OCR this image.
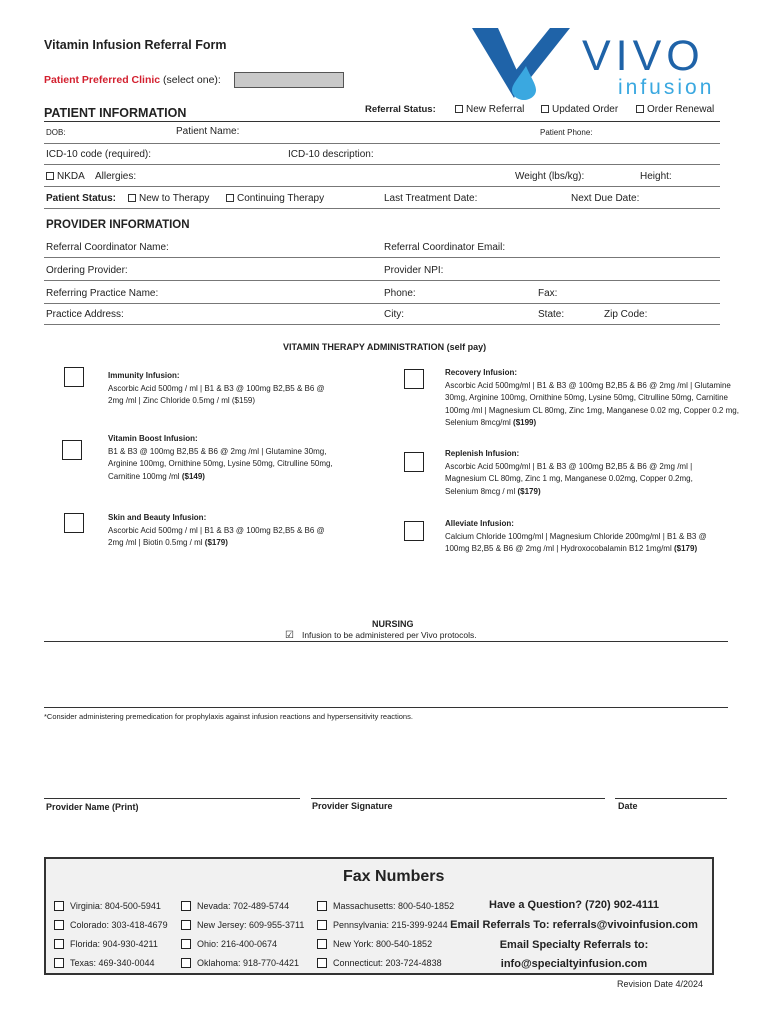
Vitamin Infusion Referral Form
Patient Preferred Clinic (select one):	VIVO
infusion
PATIENT INFORMATION	Referral Status:	New Referral	Updated Order	Order Renewal
DOB:	Patient Name:	Patient Phone:
ICD-10 code (required):	ICD-10 description:
NKDA Allergies:	Weight (lbs/kg):	Height:
Patient Status:	New to Therapy	Continuing Therapy	Last Treatment Date:	Next Due Date:
PROVIDER INFORMATION
Referral Coordinator Name:	Referral Coordinator Email:
Ordering Provider:	Provider NPI:
Referring Practice Name:	Phone:	Fax:
Practice Address:	City:	State:	Zip Code:
VITAMIN THERAPY ADMINISTRATION (self pay)
Immunity Infusion:
Ascorbic Acid 500mg / ml | B1 & B3 @ 100mg B2,B5 & B6 @ 2mg /ml | Zinc Chloride 0.5mg / ml ($159)
Vitamin Boost Infusion:
B1 & B3 @ 100mg B2,B5 & B6 @ 2mg /ml | Glutamine 30mg, Arginine 100mg, Ornithine 50mg, Lysine 50mg, Citrulline 50mg, Carnitine 100mg /ml ($149)
Skin and Beauty Infusion:
Ascorbic Acid 500mg / ml | B1 & B3 @ 100mg B2,B5 & B6 @ 2mg /ml | Biotin 0.5mg / ml ($179)
Recovery Infusion:
Ascorbic Acid 500mg/ml | B1 & B3 @ 100mg B2,B5 & B6 @ 2mg /ml | Glutamine 30mg, Arginine 100mg, Ornithine 50mg, Lysine 50mg, Citrulline 50mg, Carnitine 100mg /ml | Magnesium CL 80mg, Zinc 1mg, Manganese 0.02 mg, Copper 0.2 mg, Selenium 8mcg/ml ($199)
Replenish Infusion:
Ascorbic Acid 500mg/ml | B1 & B3 @ 100mg B2,B5 & B6 @ 2mg /ml | Magnesium CL 80mg, Zinc 1 mg, Manganese 0.02mg, Copper 0.2mg, Selenium 8mcg / ml ($179)
Alleviate Infusion:
Calcium Chloride 100mg/ml | Magnesium Chloride 200mg/ml | B1 & B3 @ 100mg B2,B5 & B6 @ 2mg /ml | Hydroxocobalamin B12 1mg/ml ($179)
NURSING
☑ Infusion to be administered per Vivo protocols.
*Consider administering premedication for prophylaxis against infusion reactions and hypersensitivity reactions.
Provider Name (Print)	Provider Signature	Date
Fax Numbers
Virginia: 804-500-5941
Colorado: 303-418-4679
Florida: 904-930-4211
Texas: 469-340-0044
Nevada: 702-489-5744
New Jersey: 609-955-3711
Ohio: 216-400-0674
Oklahoma: 918-770-4421
Massachusetts: 800-540-1852
Pennsylvania: 215-399-9244
New York: 800-540-1852
Connecticut: 203-724-4838
Have a Question? (720) 902-4111
Email Referrals To: referrals@vivoinfusion.com
Email Specialty Referrals to:
info@specialtyinfusion.com
Revision Date 4/2024
